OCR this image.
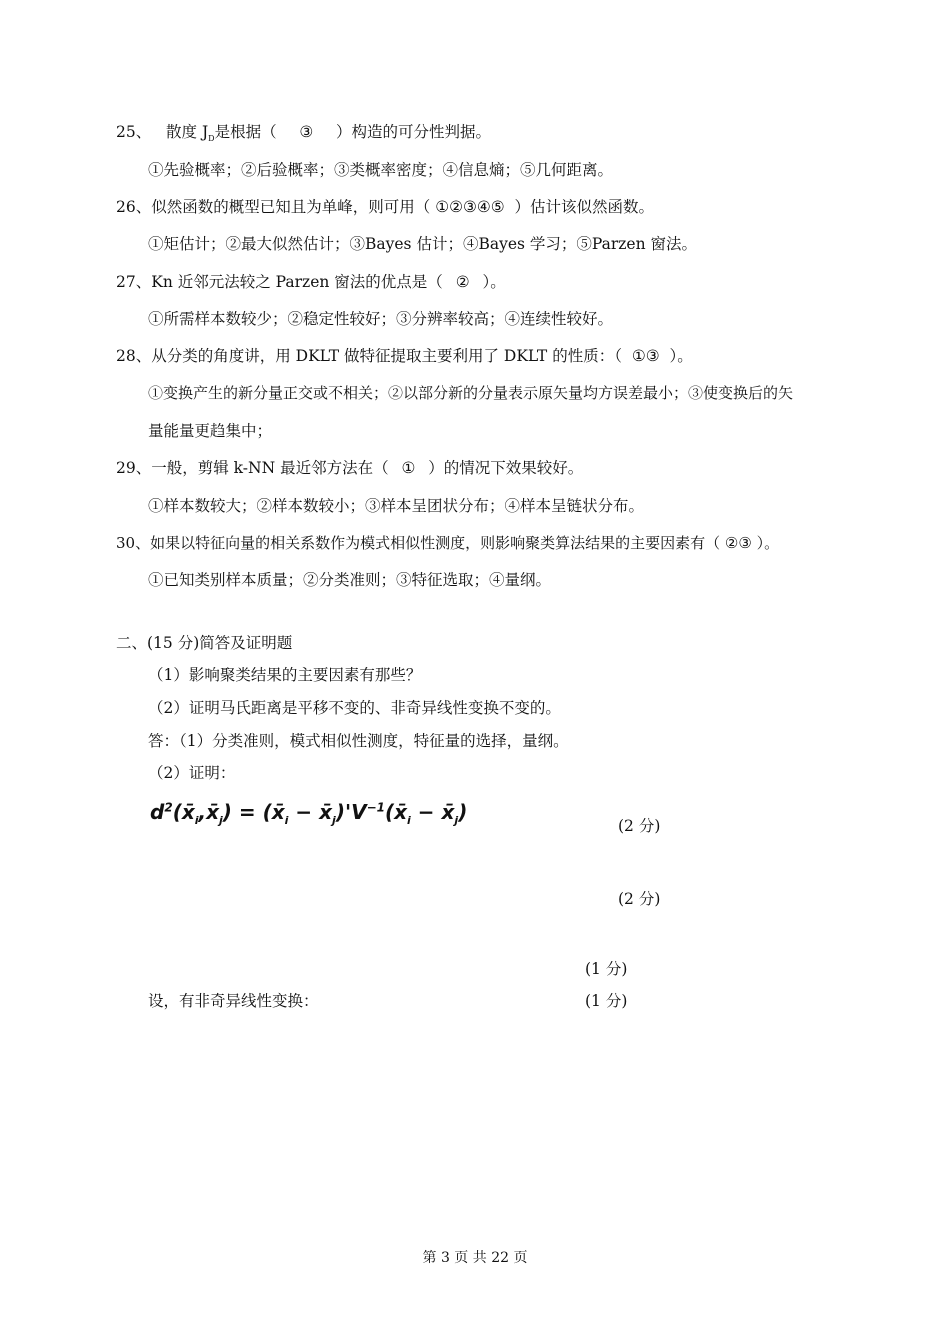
25、 散度 $J_D$是根据（ ③ ）构造的可分性判据。
①先验概率；②后验概率；③类概率密度；④信息熵；⑤几何距离。
26、似然函数的概型已知且为单峰，则可用（ ①②③④⑤ ）估计该似然函数。
①矩估计；②最大似然估计；③Bayes 估计；④Bayes 学习；⑤Parzen 窗法。
27、Kn 近邻元法较之 Parzen 窗法的优点是（ ② ）。
①所需样本数较少；②稳定性较好；③分辨率较高；④连续性较好。
28、从分类的角度讲，用 DKLT 做特征提取主要利用了 DKLT 的性质：（ ①③ ）。
①变换产生的新分量正交或不相关；②以部分新的分量表示原矢量均方误差最小；③使变换后的矢
量能量更趋集中；
29、一般，剪辑 k-NN 最近邻方法在（ ① ）的情况下效果较好。
①样本数较大；②样本数较小；③样本呈团状分布；④样本呈链状分布。
30、如果以特征向量的相关系数作为模式相似性测度，则影响聚类算法结果的主要因素有（ ②③ ）。
①已知类别样本质量；②分类准则；③特征选取；④量纲。
二、(15 分)简答及证明题
（1）影响聚类结果的主要因素有那些？
（2）证明马氏距离是平移不变的、非奇异线性变换不变的。
答：（1）分类准则，模式相似性测度，特征量的选择，量纲。
（2）证明：
$d^2(x̄_i,x̄_j)$ = ($x̄_i$ − $x̄_j)'V^{-1}(x̄_i$ − $x̄_j$)
(2 分)
(2 分)
(1 分)
设，有非奇异线性变换：	(1 分)
第 3 页 共 22 页
